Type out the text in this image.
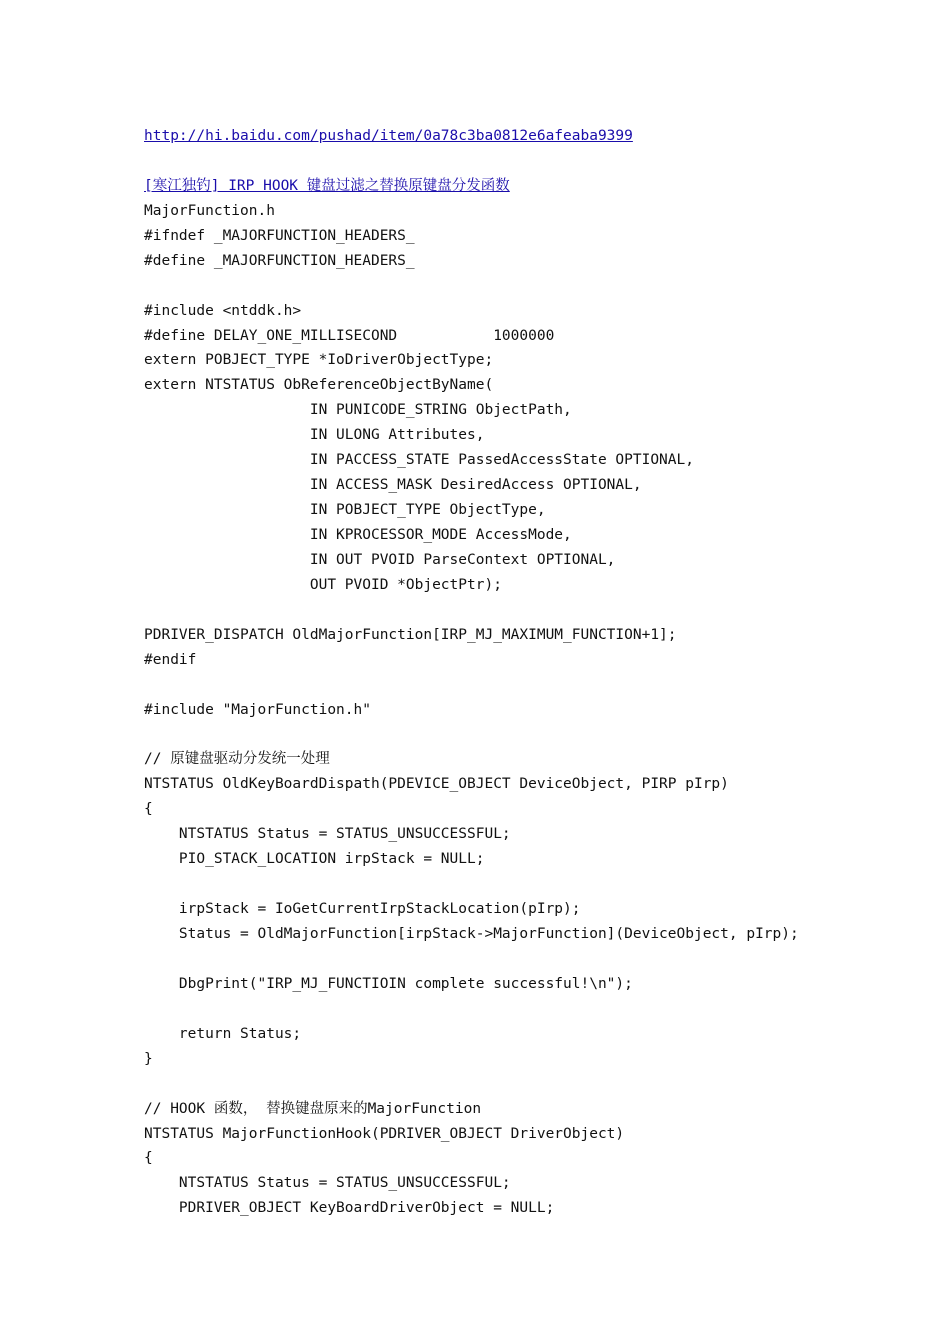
http://hi.baidu.com/pushad/item/0a78c3ba0812e6afeaba9399
[寒江独钓] IRP HOOK 键盘过滤之替换原键盘分发函数
MajorFunction.h
#ifndef _MAJORFUNCTION_HEADERS_
#define _MAJORFUNCTION_HEADERS_
#include <ntddk.h>
#define DELAY_ONE_MILLISECOND           1000000
extern POBJECT_TYPE *IoDriverObjectType;
extern NTSTATUS ObReferenceObjectByName(
IN PUNICODE_STRING ObjectPath,
IN ULONG Attributes,
IN PACCESS_STATE PassedAccessState OPTIONAL,
IN ACCESS_MASK DesiredAccess OPTIONAL,
IN POBJECT_TYPE ObjectType,
IN KPROCESSOR_MODE AccessMode,
IN OUT PVOID ParseContext OPTIONAL,
OUT PVOID *ObjectPtr);
PDRIVER_DISPATCH OldMajorFunction[IRP_MJ_MAXIMUM_FUNCTION+1];
#endif
#include "MajorFunction.h"
// 原键盘驱动分发统一处理
NTSTATUS OldKeyBoardDispath(PDEVICE_OBJECT DeviceObject, PIRP pIrp)
{
NTSTATUS Status = STATUS_UNSUCCESSFUL;
PIO_STACK_LOCATION irpStack = NULL;
irpStack = IoGetCurrentIrpStackLocation(pIrp);
Status = OldMajorFunction[irpStack->MajorFunction](DeviceObject, pIrp);
DbgPrint("IRP_MJ_FUNCTIOIN complete successful!\n");
return Status;
}
// HOOK 函数， 替换键盘原来的MajorFunction
NTSTATUS MajorFunctionHook(PDRIVER_OBJECT DriverObject)
{
NTSTATUS Status = STATUS_UNSUCCESSFUL;
PDRIVER_OBJECT KeyBoardDriverObject = NULL;
